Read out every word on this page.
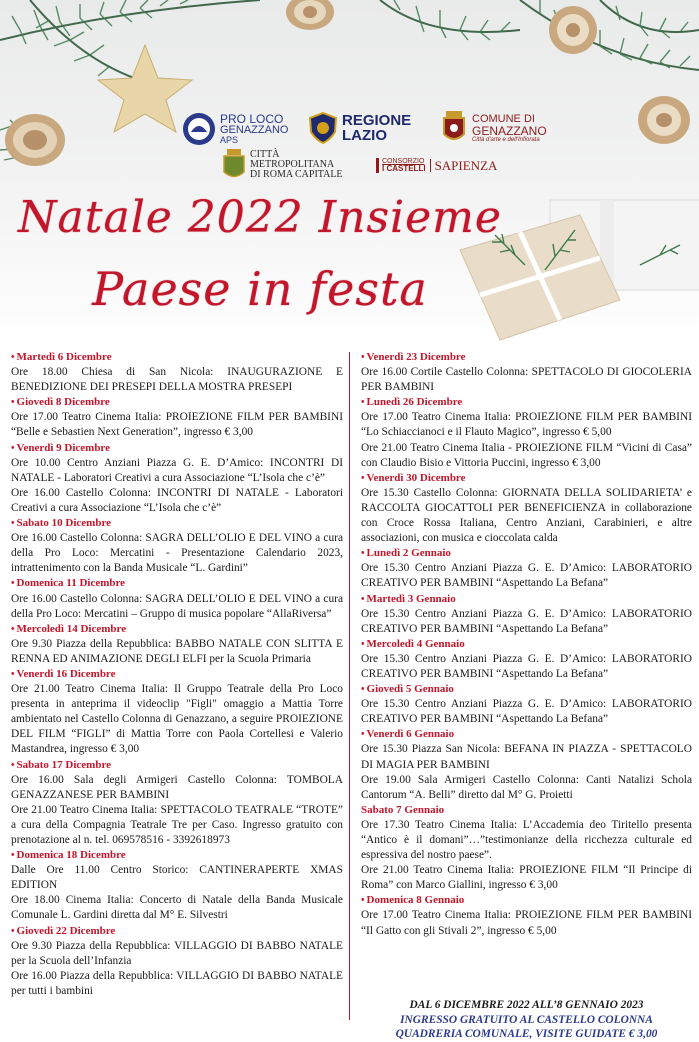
PRO LOCO
GENAZZANO
APS
REGIONE
LAZIO
COMUNE DI
GENAZZANO
Città d'arte e dell'Infiorata
CITTÀ
METROPOLITANA
DI ROMA CAPITALE
CONSORZIO
I CASTELLI SAPIENZA
Natale 2022 Insieme
Paese in festa
• Martedì 6 Dicembre

Ore 18.00 Chiesa di San Nicola: INAUGURAZIONE E BENEDIZIONE DEI PRESEPI DELLA MOSTRA PRESEPI

• Giovedì 8 Dicembre

Ore 17.00 Teatro Cinema Italia: PROIEZIONE FILM PER BAMBINI “Belle e Sebastien Next Generation”, ingresso € 3,00

• Venerdì 9 Dicembre

Ore 10.00 Centro Anziani Piazza G. E. D’Amico: INCONTRI DI NATALE - Laboratori Creativi a cura Associazione “L’Isola che c’è”

Ore 16.00 Castello Colonna: INCONTRI DI NATALE - Laboratori Creativi a cura Associazione “L’Isola che c’è”

• Sabato 10 Dicembre

Ore 16.00 Castello Colonna: SAGRA DELL’OLIO E DEL VINO a cura della Pro Loco: Mercatini - Presentazione Calendario 2023, intrattenimento con la Banda Musicale “L. Gardini”

• Domenica 11 Dicembre

Ore 16.00 Castello Colonna: SAGRA DELL’OLIO E DEL VINO a cura della Pro Loco: Mercatini – Gruppo di musica popolare “AllaRiversa”

• Mercoledì 14 Dicembre

Ore 9.30 Piazza della Repubblica: BABBO NATALE CON SLITTA E RENNA ED ANIMAZIONE DEGLI ELFI per la Scuola Primaria

• Venerdì 16 Dicembre

Ore 21.00 Teatro Cinema Italia: Il Gruppo Teatrale della Pro Loco presenta in anteprima il videoclip "Figli" omaggio a Mattia Torre ambientato nel Castello Colonna di Genazzano, a seguire PROIEZIONE DEL FILM “FIGLI” di Mattia Torre con Paola Cortellesi e Valerio Mastandrea, ingresso € 3,00

• Sabato 17 Dicembre

Ore 16.00 Sala degli Armigeri Castello Colonna: TOMBOLA GENAZZANESE PER BAMBINI

Ore 21.00 Teatro Cinema Italia: SPETTACOLO TEATRALE “TROTE” a cura della Compagnia Teatrale Tre per Caso. Ingresso gratuito con prenotazione al n. tel. 069578516 - 3392618973

• Domenica 18 Dicembre

Dalle Ore 11.00 Centro Storico: CANTINERAPERTE XMAS EDITION

Ore 18.00 Cinema Italia: Concerto di Natale della Banda Musicale Comunale L. Gardini diretta dal M° E. Silvestri

• Giovedì 22 Dicembre

Ore 9.30 Piazza della Repubblica: VILLAGGIO DI BABBO NATALE per la Scuola dell’Infanzia

Ore 16.00 Piazza della Repubblica: VILLAGGIO DI BABBO NATALE per tutti i bambini

• Venerdì 23 Dicembre

Ore 16.00 Cortile Castello Colonna: SPETTACOLO DI GIOCOLERIA PER BAMBINI

• Lunedì 26 Dicembre

Ore 17.00 Teatro Cinema Italia: PROIEZIONE FILM PER BAMBINI “Lo Schiaccianoci e il Flauto Magico”, ingresso € 5,00

Ore 21.00 Teatro Cinema Italia - PROIEZIONE FILM “Vicini di Casa” con Claudio Bisio e Vittoria Puccini, ingresso € 3,00

• Venerdì 30 Dicembre

Ore 15.30 Castello Colonna: GIORNATA DELLA SOLIDARIETA’ e RACCOLTA GIOCATTOLI PER BENEFICIENZA in collaborazione con Croce Rossa Italiana, Centro Anziani, Carabinieri, e altre associazioni, con musica e cioccolata calda

• Lunedì 2 Gennaio

Ore 15.30 Centro Anziani Piazza G. E. D’Amico: LABORATORIO CREATIVO PER BAMBINI “Aspettando La Befana”

• Martedì 3 Gennaio

Ore 15.30 Centro Anziani Piazza G. E. D’Amico: LABORATORIO CREATIVO PER BAMBINI “Aspettando La Befana”

• Mercoledì 4 Gennaio

Ore 15.30 Centro Anziani Piazza G. E. D’Amico: LABORATORIO CREATIVO PER BAMBINI “Aspettando La Befana”

• Giovedì 5 Gennaio

Ore 15.30 Centro Anziani Piazza G. E. D’Amico: LABORATORIO CREATIVO PER BAMBINI “Aspettando La Befana”

• Venerdì 6 Gennaio

Ore 15.30 Piazza San Nicola: BEFANA IN PIAZZA - SPETTACOLO DI MAGIA PER BAMBINI

Ore 19.00 Sala Armigeri Castello Colonna: Canti Natalizi Schola Cantorum “A. Belli” diretto dal M° G. Proietti

Sabato 7 Gennaio

Ore 17.30 Teatro Cinema Italia: L’Accademia deo Tiritello presenta “Antico è il domani”…”testimonianze della ricchezza culturale ed espressiva del nostro paese”.

Ore 21.00 Teatro Cinema Italia: PROIEZIONE FILM “Il Principe di Roma” con Marco Giallini, ingresso € 3,00

• Domenica 8 Gennaio

Ore 17.00 Teatro Cinema Italia: PROIEZIONE FILM PER BAMBINI “Il Gatto con gli Stivali 2”, ingresso € 5,00

DAL 6 DICEMBRE 2022 ALL’8 GENNAIO 2023
INGRESSO GRATUITO AL CASTELLO COLONNA
QUADRERIA COMUNALE, VISITE GUIDATE € 3,00
